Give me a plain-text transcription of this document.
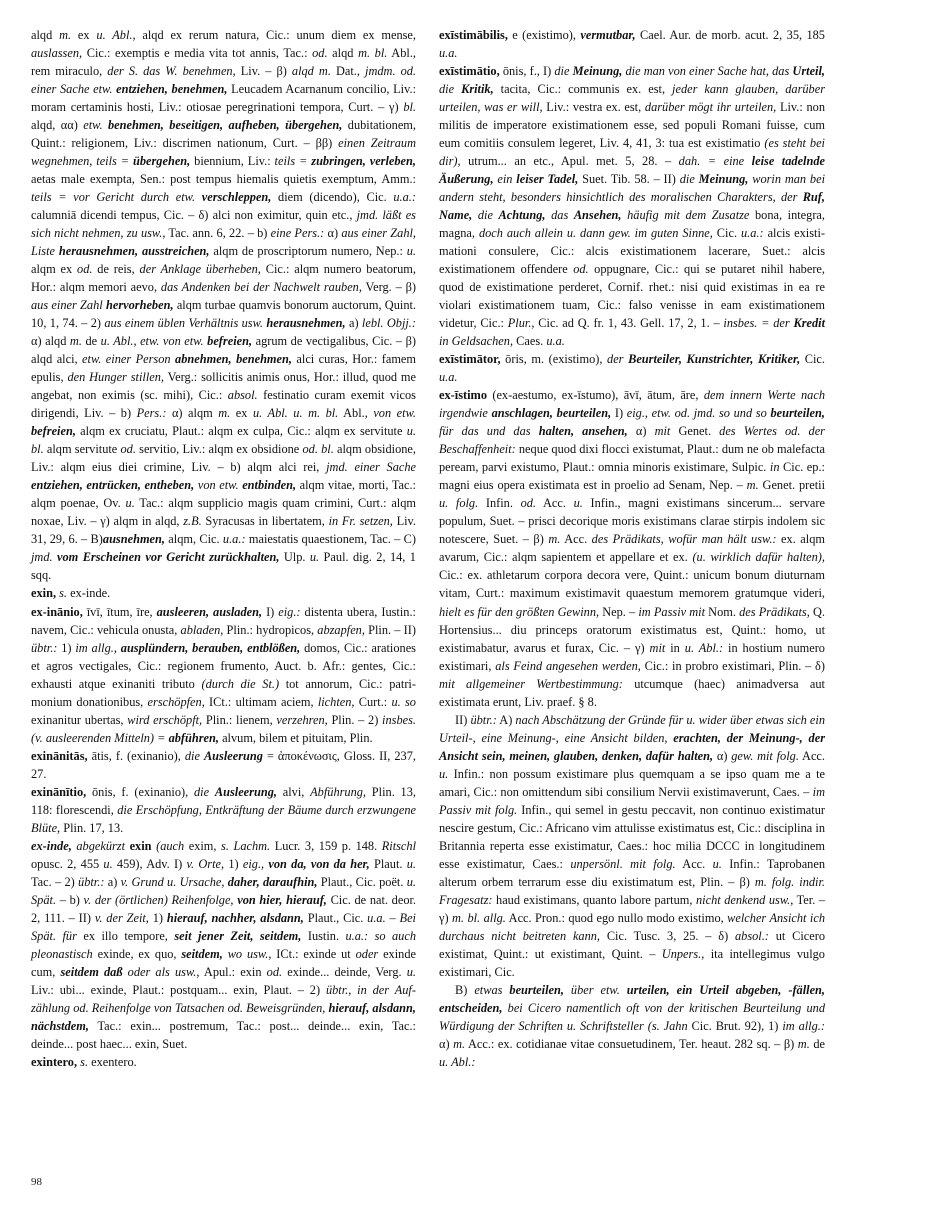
alqd m. ex u. Abl., alqd ex rerum natura, Cic.: unum diem ex mense, auslassen, Cic.: exemptis e media vita tot annis, Tac.: od. alqd m. bl. Abl., rem miraculo, der S. das W. benehmen, Liv. – β) alqd m. Dat., jmdm. od. einer Sache etw. entziehen, benehmen, Leucadem Acarnanum concilio, Liv.: moram certaminis hosti, Liv.: otiosae peregrinationi tempora, Curt. – γ) bl. alqd, αα) etw. benehmen, beseitigen, aufheben, übergehen, dubitationem, Quint.: religionem, Liv.: discrimen nationum, Curt. – ββ) einen Zeitraum wegnehmen, teils = übergehen, biennium, Liv.: teils = zubringen, verleben, aetas male exempta, Sen.: post tempus hiemalis quietis exemptum, Amm.: teils = vor Gericht durch etw. verschleppen, diem (dicendo), Cic. u.a.: calumniā dicendi tempus, Cic. – δ) alci non eximitur, quin etc., jmd. läßt es sich nicht nehmen, zu usw., Tac. ann. 6, 22. – b) eine Pers.: α) aus einer Zahl, Liste herausnehmen, ausstreichen, alqm de proscriptorum numero, Nep.: u. alqm ex od. de reis, der Anklage überheben, Cic.: alqm numero beatorum, Hor.: alqm memori aevo, das Andenken bei der Nachwelt rauben, Verg. – β) aus einer Zahl hervorheben, alqm turbae quamvis bonorum auctorum, Quint. 10, 1, 74. – 2) aus einem üblen Verhältnis usw. herausnehmen, a) lebl. Objj.: α) alqd m. de u. Abl., etw. von etw. befreien, agrum de vectigalibus, Cic. – β) alqd alci, etw. einer Person abnehmen, benehmen, alci curas, Hor.: famem epulis, den Hunger stillen, Verg.: sollicitis animis onus, Hor.: illud, quod me angebat, non eximis (sc. mihi), Cic.: absol. festinatio curam exemit vicos dirigendi, Liv. – b) Pers.: α) alqm m. ex u. Abl. u. m. bl. Abl., von etw. befreien, alqm ex cruciatu, Plaut.: alqm ex culpa, Cic.: alqm ex servitute u. bl. alqm servitute od. servitio, Liv.: alqm ex obsidione od. bl. alqm obsidione, Liv.: alqm eius diei crimine, Liv. – b) alqm alci rei, jmd. einer Sache entziehen, entrücken, entheben, von etw. entbinden, alqm vitae, morti, Tac.: alqm poenae, Ov. u. Tac.: alqm supplicio magis quam crimini, Curt.: alqm noxae, Liv. – γ) alqm in alqd, z.B. Syracusas in libertatem, in Fr. setzen, Liv. 31, 29, 6. – B)ausnehmen, alqm, Cic. u.a.: maiestatis quaestionem, Tac. – C) jmd. vom Erscheinen vor Gericht zurückhalten, Ulp. u. Paul. dig. 2, 14, 1 sqq.

exin, s. ex-inde.

ex-inānio, īvī, ītum, īre, ausleeren, ausladen, I) eig.: distenta ubera, Iustin.: navem, Cic.: vehicula onusta, abladen, Plin.: hydropicos, abzapfen, Plin. – II) übtr.: 1) im allg., ausplündern, berauben, entblößen, domos, Cic.: arationes et agros vectigales, Cic.: regionem frumento, Auct. b. Afr.: gentes, Cic.: exhausti atque exinaniti tributo (durch die St.) tot annorum, Cic.: patrimonium donationibus, erschöpfen, ICt.: ultimam aciem, lichten, Curt.: u. so exinanitur ubertas, wird erschöpft, Plin.: lienem, verzehren, Plin. – 2) insbes. (v. ausleerenden Mitteln) = abführen, alvum, bilem et pituitam, Plin.

exinānitās, ātis, f. (exinanio), die Ausleerung = ἀποκένωσις, Gloss. II, 237, 27.

exinānītio, ōnis, f. (exinanio), die Ausleerung, alvi, Abführung, Plin. 13, 118: florescendi, die Erschöpfung, Entkräftung der Bäume durch erzwungene Blüte, Plin. 17, 13.

ex-inde, abgekürzt exin (auch exim, s. Lachm. Lucr. 3, 159 p. 148. Ritschl opusc. 2, 455 u. 459), Adv. I) v. Orte, 1) eig., von da, von da her, Plaut. u. Tac. – 2) übtr.: a) v. Grund u. Ursache, daher, daraufhin, Plaut., Cic. poët. u. Spät. – b) v. der (örtlichen) Reihenfolge, von hier, hierauf, Cic. de nat. deor. 2, 111. – II) v. der Zeit, 1) hierauf, nachher, alsdann, Plaut., Cic. u.a. – Bei Spät. für ex illo tempore, seit jener Zeit, seitdem, Iustin. u.a.: so auch pleonastisch exinde, ex quo, seitdem, wo usw., ICt.: exinde ut oder exinde cum, seitdem daß oder als usw., Apul.: exin od. exinde... deinde, Verg. u. Liv.: ubi... exinde, Plaut.: postquam... exin, Plaut. – 2) übtr., in der Aufzählung od. Reihenfolge von Tatsachen od. Beweisgründen, hierauf, alsdann, nächstdem, Tac.: exin... postremum, Tac.: post... deinde... exin, Tac.: deinde... post haec... exin, Suet.

exintero, s. exentero.

exīstimābilis, e (existimo), vermutbar, Cael. Aur. de morb. acut. 2, 35, 185 u.a.

exīstimātio, ōnis, f., I) die Meinung, die man von einer Sache hat, das Urteil, die Kritik, tacita, Cic.: communis ex. est, jeder kann glauben, darüber urteilen, was er will, Liv.: vestra ex. est, darüber mögt ihr urteilen, Liv.: non militis de imperatore existimationem esse, sed populi Romani fuisse, cum eum comitiis consulem legeret, Liv. 4, 41, 3: tua est existimatio (es steht bei dir), utrum... an etc., Apul. met. 5, 28. – dah. = eine leise tadelnde Äußerung, ein leiser Tadel, Suet. Tib. 58. – II) die Meinung, worin man bei andern steht, besonders hinsichtlich des moralischen Charakters, der Ruf, Name, die Achtung, das Ansehen, häufig mit dem Zusatze bona, integra, magna, doch auch allein u. dann gew. im guten Sinne, Cic. u.a.: alcis existimationi consulere, Cic.: alcis existimationem lacerare, Suet.: alcis existimationem offendere od. oppugnare, Cic.: qui se putaret nihil habere, quod de existimatione perderet, Cornif. rhet.: nisi quid existimas in ea re violari existimationem tuam, Cic.: falso venisse in eam existimationem videtur, Cic.: Plur., Cic. ad Q. fr. 1, 43. Gell. 17, 2, 1. – insbes. = der Kredit in Geldsachen, Caes. u.a.

exīstimātor, ōris, m. (existimo), der Beurteiler, Kunstrichter, Kritiker, Cic. u.a.

ex-īstimo (ex-aestumo, ex-īstumo), āvī, ātum, āre, dem innern Werte nach irgendwie anschlagen, beurteilen, I) eig., etw. od. jmd. so und so beurteilen, für das und das halten, ansehen, α) mit Genet. des Wertes od. der Beschaffenheit: neque quod dixi flocci existumat, Plaut.: dum ne ob malefacta peream, parvi existumo, Plaut.: omnia minoris existimare, Sulpic. in Cic. ep.: magni eius opera existimata est in proelio ad Senam, Nep. – m. Genet. pretii u. folg. Infin. od. Acc. u. Infin., magni existimans sincerum... servare populum, Suet. – prisci decorique moris existimans clarae stirpis indolem sic notescere, Suet. – β) m. Acc. des Prädikats, wofür man hält usw.: ex. alqm avarum, Cic.: alqm sapientem et appellare et ex. (u. wirklich dafür halten), Cic.: ex. athletarum corpora decora vere, Quint.: unicum bonum diuturnam vitam, Curt.: maximum existimavit quaestum memorem gratumque videri, hielt es für den größten Gewinn, Nep. – im Passiv mit Nom. des Prädikats, Q. Hortensius... diu princeps oratorum existimatus est, Quint.: homo, ut existimabatur, avarus et furax, Cic. – γ) mit in u. Abl.: in hostium numero existimari, als Feind angesehen werden, Cic.: in probro existimari, Plin. – δ) mit allgemeiner Wertbestimmung: utcumque (haec) animadversa aut existimata erunt, Liv. praef. § 8.

II) übtr.: A) nach Abschätzung der Gründe für u. wider über etwas sich ein Urteil-, eine Meinung-, eine Ansicht bilden, erachten, der Meinung-, der Ansicht sein, meinen, glauben, denken, dafür halten, α) gew. mit folg. Acc. u. Infin.: non possum existimare plus quemquam a se ipso quam me a te amari, Cic.: non omittendum sibi consilium Nervii existimaverunt, Caes. – im Passiv mit folg. Infin., qui semel in gestu peccavit, non continuo existimatur nescire gestum, Cic.: Africano vim attulisse existimatus est, Cic.: disciplina in Britannia reperta esse existimatur, Caes.: hoc milia DCCC in longitudinem esse existimatur, Caes.: unpersönl. mit folg. Acc. u. Infin.: Taprobanen alterum orbem terrarum esse diu existimatum est, Plin. – β) m. folg. indir. Fragesatz: haud existimans, quanto labore partum, nicht denkend usw., Ter. – γ) m. bl. allg. Acc. Pron.: quod ego nullo modo existimo, welcher Ansicht ich durchaus nicht beitreten kann, Cic. Tusc. 3, 25. – δ) absol.: ut Cicero existimat, Quint.: ut existimant, Quint. – Unpers., ita intellegimus vulgo existimari, Cic.

B) etwas beurteilen, über etw. urteilen, ein Urteil abgeben, -fällen, entscheiden, bei Cicero namentlich oft von der kritischen Beurteilung und Würdigung der Schriften u. Schriftsteller (s. Jahn Cic. Brut. 92), 1) im allg.: α) m. Acc.: ex. cotidianae vitae consuetudinem, Ter. heaut. 282 sq. – β) m. de u. Abl.:

98
